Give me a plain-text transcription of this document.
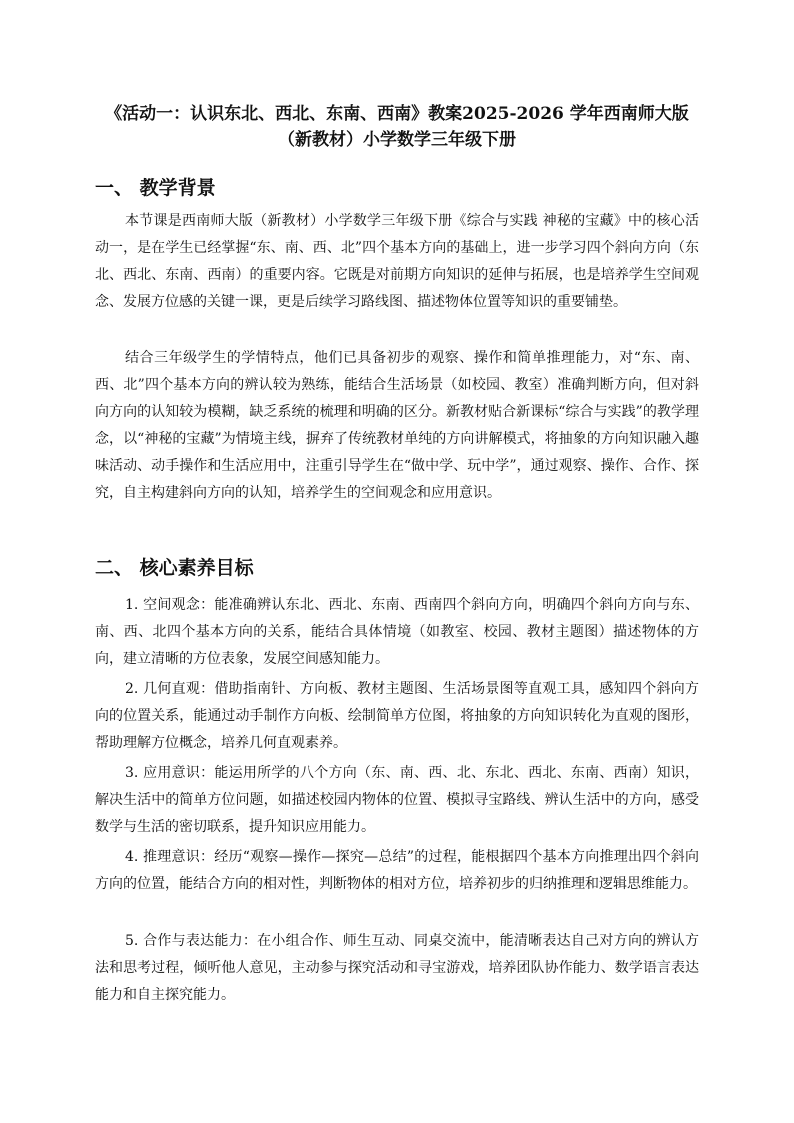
《活动一：认识东北、西北、东南、西南》教案2025-2026 学年西南师大版（新教材）小学数学三年级下册
一、 教学背景

本节课是西南师大版（新教材）小学数学三年级下册《综合与实践 神秘的宝藏》中的核心活动一，是在学生已经掌握“东、南、西、北”四个基本方向的基础上，进一步学习四个斜向方向（东北、西北、东南、西南）的重要内容。它既是对前期方向知识的延伸与拓展，也是培养学生空间观念、发展方位感的关键一课，更是后续学习路线图、描述物体位置等知识的重要铺垫。

结合三年级学生的学情特点，他们已具备初步的观察、操作和简单推理能力，对“东、南、西、北”四个基本方向的辨认较为熟练，能结合生活场景（如校园、教室）准确判断方向，但对斜向方向的认知较为模糊，缺乏系统的梳理和明确的区分。新教材贴合新课标“综合与实践”的教学理念，以“神秘的宝藏”为情境主线，摒弃了传统教材单纯的方向讲解模式，将抽象的方向知识融入趣味活动、动手操作和生活应用中，注重引导学生在“做中学、玩中学”，通过观察、操作、合作、探究，自主构建斜向方向的认知，培养学生的空间观念和应用意识。

二、 核心素养目标

1. 空间观念：能准确辨认东北、西北、东南、西南四个斜向方向，明确四个斜向方向与东、南、西、北四个基本方向的关系，能结合具体情境（如教室、校园、教材主题图）描述物体的方向，建立清晰的方位表象，发展空间感知能力。

2. 几何直观：借助指南针、方向板、教材主题图、生活场景图等直观工具，感知四个斜向方向的位置关系，能通过动手制作方向板、绘制简单方位图，将抽象的方向知识转化为直观的图形，帮助理解方位概念，培养几何直观素养。

3. 应用意识：能运用所学的八个方向（东、南、西、北、东北、西北、东南、西南）知识，解决生活中的简单方位问题，如描述校园内物体的位置、模拟寻宝路线、辨认生活中的方向，感受数学与生活的密切联系，提升知识应用能力。

4. 推理意识：经历“观察—操作—探究—总结”的过程，能根据四个基本方向推理出四个斜向方向的位置，能结合方向的相对性，判断物体的相对方位，培养初步的归纳推理和逻辑思维能力。

5. 合作与表达能力：在小组合作、师生互动、同桌交流中，能清晰表达自己对方向的辨认方法和思考过程，倾听他人意见，主动参与探究活动和寻宝游戏，培养团队协作能力、数学语言表达能力和自主探究能力。
